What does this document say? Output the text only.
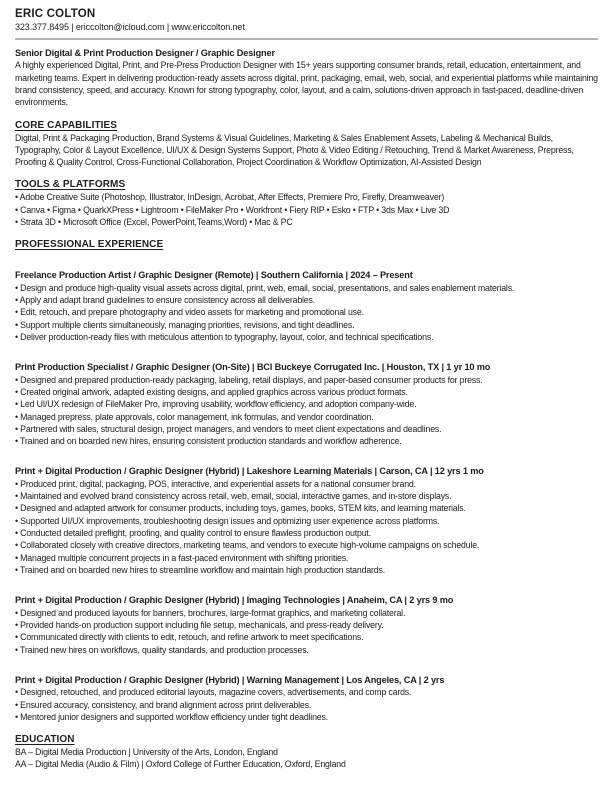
ERIC COLTON
323.377.8495 | ericcolton@icloud.com | www.ericcolton.net
Senior Digital & Print Production Designer / Graphic Designer
A highly experienced Digital, Print, and Pre-Press Production Designer with 15+ years supporting consumer brands, retail, education, entertainment, and marketing teams. Expert in delivering production-ready assets across digital, print, packaging, email, web, social, and experiential platforms while maintaining brand consistency, speed, and accuracy. Known for strong typography, color, layout, and a calm, solutions-driven approach in fast-paced, deadline-driven environments.
CORE CAPABILITIES
Digital, Print & Packaging Production, Brand Systems & Visual Guidelines, Marketing & Sales Enablement Assets, Labeling & Mechanical Builds, Typography, Color & Layout Excellence, UI/UX & Design Systems Support, Photo & Video Editing / Retouching, Trend & Market Awareness, Prepress, Proofing & Quality Control, Cross-Functional Collaboration, Project Coordination & Workflow Optimization, AI-Assisted Design
TOOLS & PLATFORMS
• Adobe Creative Suite (Photoshop, Illustrator, InDesign, Acrobat, After Effects, Premiere Pro, Firefly, Dreamweaver)
• Canva • Figma • QuarkXPress • Lightroom • FileMaker Pro • Workfront • Fiery RIP • Esko • FTP • 3ds Max • Live 3D
• Strata 3D • Microsoft Office (Excel, PowerPoint,Teams,Word) • Mac & PC
PROFESSIONAL EXPERIENCE
Freelance Production Artist / Graphic Designer (Remote) | Southern California | 2024 – Present
• Design and produce high-quality visual assets across digital, print, web, email, social, presentations, and sales enablement materials.
• Apply and adapt brand guidelines to ensure consistency across all deliverables.
• Edit, retouch, and prepare photography and video assets for marketing and promotional use.
• Support multiple clients simultaneously, managing priorities, revisions, and tight deadlines.
• Deliver production-ready files with meticulous attention to typography, layout, color, and technical specifications.
Print Production Specialist / Graphic Designer (On-Site) | BCI Buckeye Corrugated Inc. | Houston, TX | 1 yr 10 mo
• Designed and prepared production-ready packaging, labeling, retail displays, and paper-based consumer products for press.
• Created original artwork, adapted existing designs, and applied graphics across various product formats.
• Led UI/UX redesign of FileMaker Pro, improving usability, workflow efficiency, and adoption company-wide.
• Managed prepress, plate approvals, color management, ink formulas, and vendor coordination.
• Partnered with sales, structural design, project managers, and vendors to meet client expectations and deadlines.
• Trained and on boarded new hires, ensuring consistent production standards and workflow adherence.
Print + Digital Production / Graphic Designer (Hybrid) | Lakeshore Learning Materials | Carson, CA | 12 yrs 1 mo
• Produced print, digital, packaging, POS, interactive, and experiential assets for a national consumer brand.
• Maintained and evolved brand consistency across retail, web, email, social, interactive games, and in-store displays.
• Designed and adapted artwork for consumer products, including toys, games, books, STEM kits, and learning materials.
• Supported UI/UX improvements, troubleshooting design issues and optimizing user experience across platforms.
• Conducted detailed preflight, proofing, and quality control to ensure flawless production output.
• Collaborated closely with creative directors, marketing teams, and vendors to execute high-volume campaigns on schedule.
• Managed multiple concurrent projects in a fast-paced environment with shifting priorities.
• Trained and on boarded new hires to streamline workflow and maintain high production standards.
Print + Digital Production / Graphic Designer (Hybrid) | Imaging Technologies | Anaheim, CA | 2 yrs 9 mo
• Designed and produced layouts for banners, brochures, large-format graphics, and marketing collateral.
• Provided hands-on production support including file setup, mechanicals, and press-ready delivery.
• Communicated directly with clients to edit, retouch, and refine artwork to meet specifications.
• Trained new hires on workflows, quality standards, and production processes.
Print + Digital Production / Graphic Designer (Hybrid) | Warning Management | Los Angeles, CA | 2 yrs
• Designed, retouched, and produced editorial layouts, magazine covers, advertisements, and comp cards.
• Ensured accuracy, consistency, and brand alignment across print deliverables.
• Mentored junior designers and supported workflow efficiency under tight deadlines.
EDUCATION
BA – Digital Media Production | University of the Arts, London, England
AA – Digital Media (Audio & Film) | Oxford College of Further Education, Oxford, England
